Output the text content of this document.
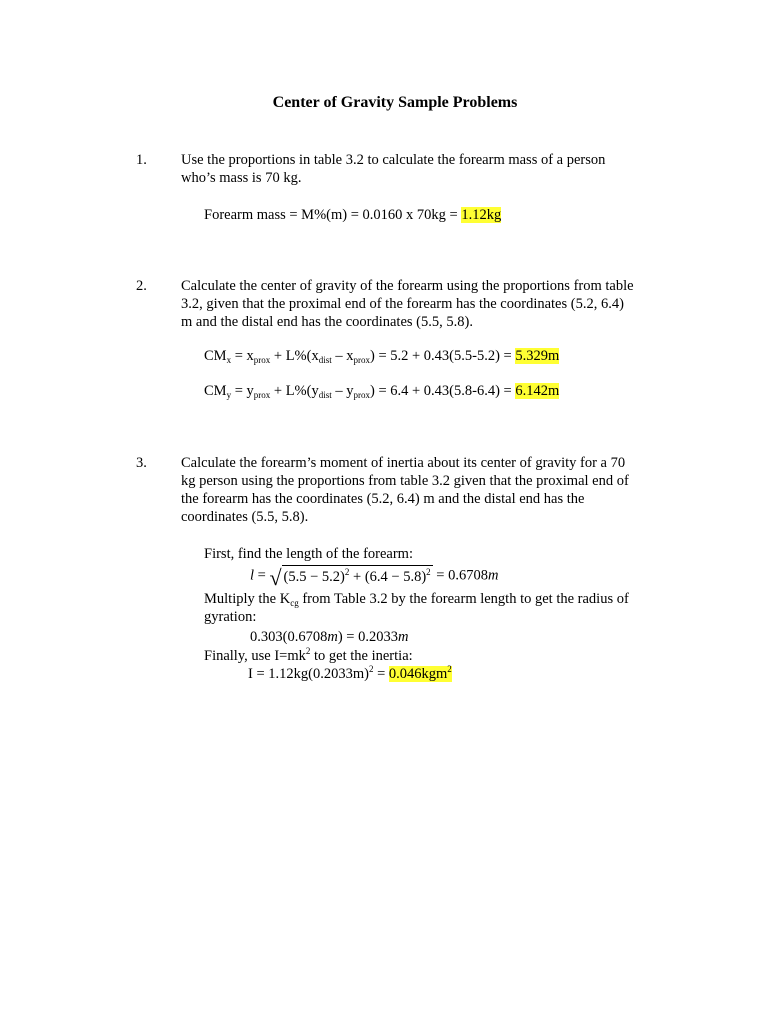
Center of Gravity Sample Problems
1. Use the proportions in table 3.2 to calculate the forearm mass of a person
who’s mass is 70 kg.
Forearm mass = M%(m) = 0.0160 x 70kg = 1.12kg
2. Calculate the center of gravity of the forearm using the proportions from table
3.2, given that the proximal end of the forearm has the coordinates (5.2, 6.4)
m and the distal end has the coordinates (5.5, 5.8).
$CM_x = x_{prox} + L\%(x_{dist} - x_{prox}) = 5.2 + 0.43(5.5-5.2) = 5.329m$
$CM_y = y_{prox} + L\%(y_{dist} - y_{prox}) = 6.4 + 0.43(5.8-6.4) = 6.142m$
3. Calculate the forearm’s moment of inertia about its center of gravity for a 70
kg person using the proportions from table 3.2 given that the proximal end of
the forearm has the coordinates (5.2, 6.4) m and the distal end has the
coordinates (5.5, 5.8).
First, find the length of the forearm:
l = √ $(5.5 - 5.2)^2 + (6.4 - 5.8)^2 = 0.6708m$
Multiply the $K_{cg}$ from Table 3.2 by the forearm length to get the radius of
gyration:
0.303(0.6708m) = 0.2033m
Finally, use $I=mk^2$ to get the inertia:
$I = 1.12kg(0.2033m)^2 = 0.046kgm^2$
